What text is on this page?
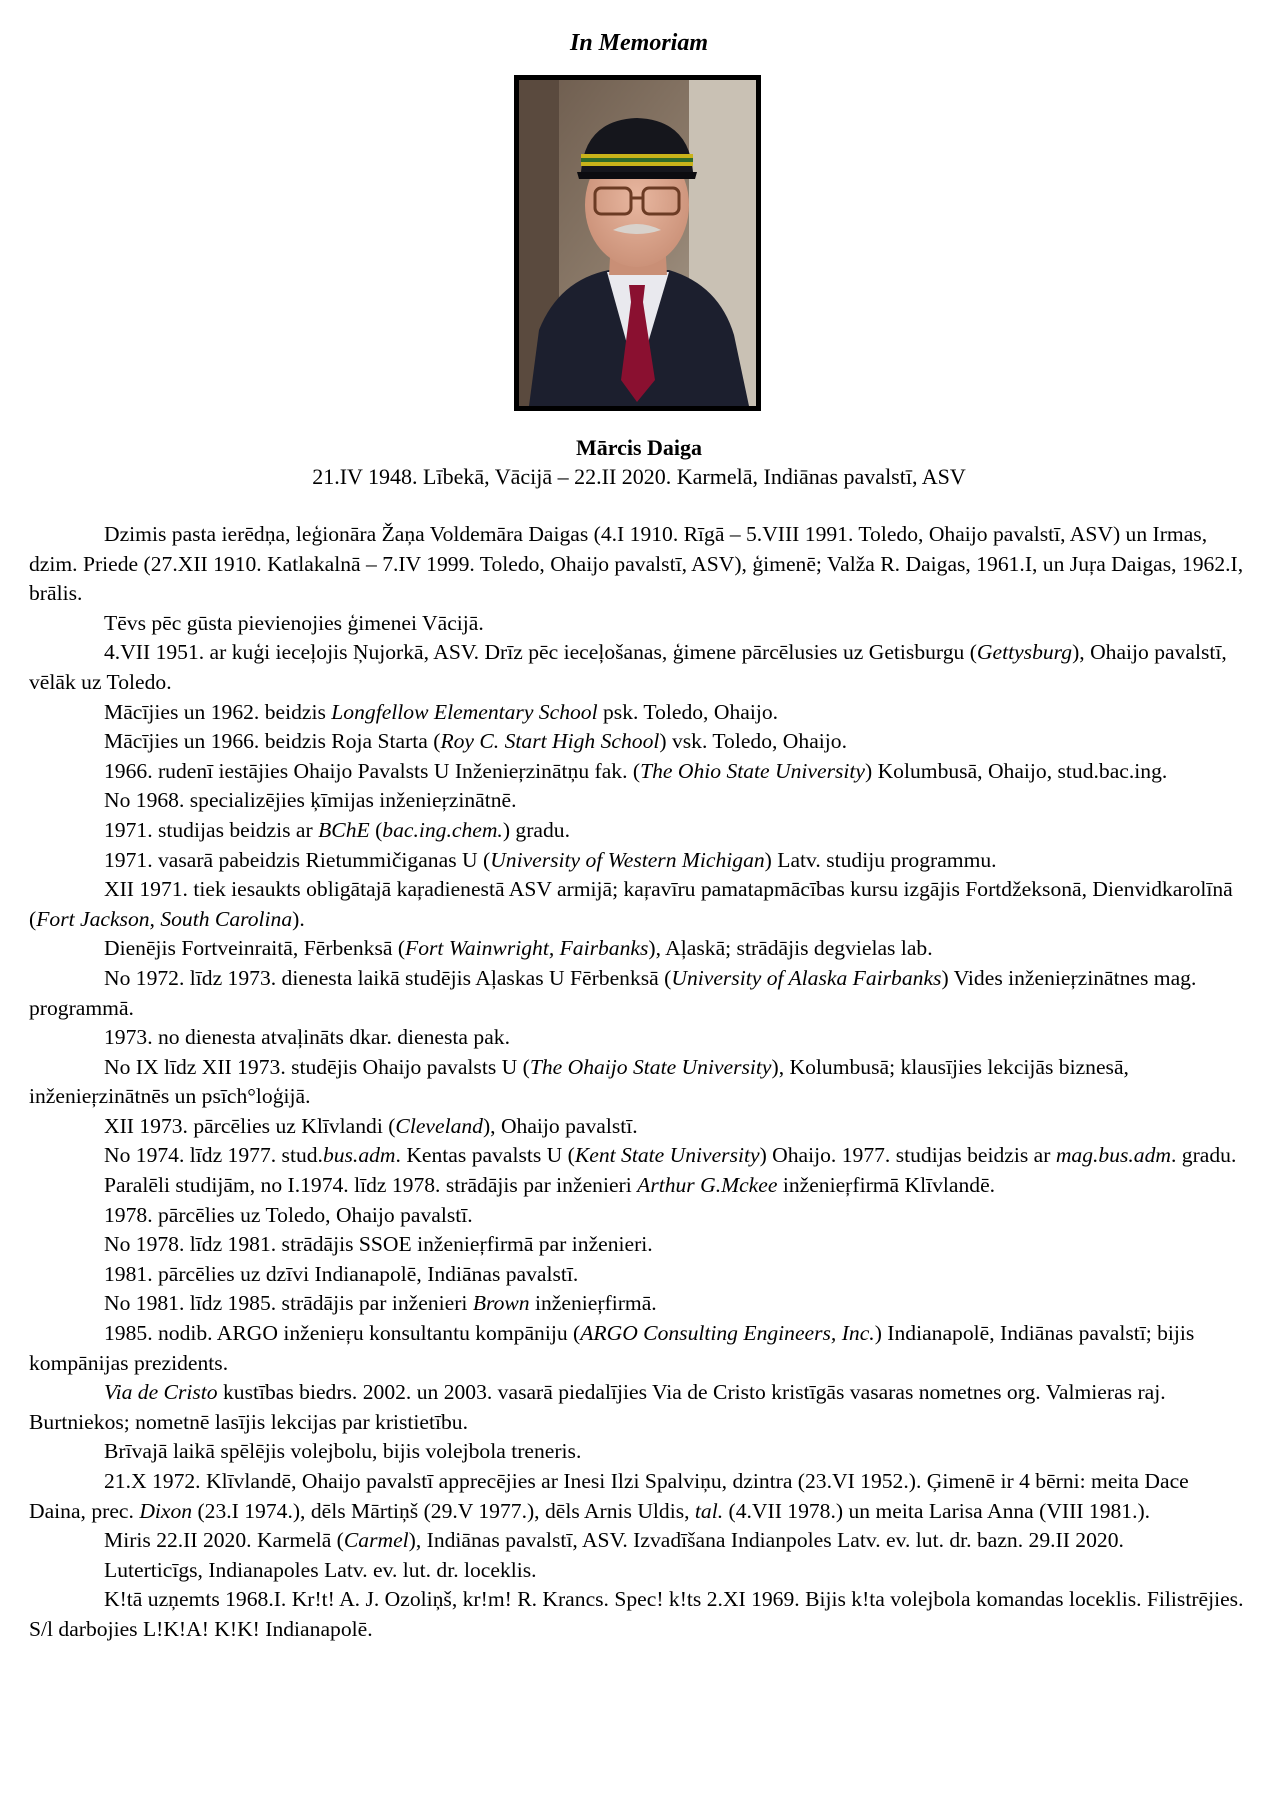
In Memoriam
Mārcis Daiga
21.IV 1948. Lībekā, Vācijā – 22.II 2020. Karmelā, Indiānas pavalstī, ASV

Dzimis pasta ierēdņa, leģionāra Žaņa Voldemāra Daigas (4.I 1910. Rīgā – 5.VIII 1991. Toledo, Ohaijo pavalstī, ASV) un Irmas, dzim. Priede (27.XII 1910. Katlakalnā – 7.IV 1999. Toledo, Ohaijo pavalstī, ASV), ģimenē; Valža R. Daigas, 1961.I, un Juŗa Daigas, 1962.I, brālis.

Tēvs pēc gūsta pievienojies ģimenei Vācijā.

4.VII 1951. ar kuģi ieceļojis Ņujorkā, ASV. Drīz pēc ieceļošanas, ģimene pārcēlusies uz Getisburgu (Gettysburg), Ohaijo pavalstī, vēlāk uz Toledo.

Mācījies un 1962. beidzis Longfellow Elementary School psk. Toledo, Ohaijo.

Mācījies un 1966. beidzis Roja Starta (Roy C. Start High School) vsk. Toledo, Ohaijo.

1966. rudenī iestājies Ohaijo Pavalsts U Inženieŗzinātņu fak. (The Ohio State University) Kolumbusā, Ohaijo, stud.bac.ing.

No 1968. specializējies ķīmijas inženieŗzinātnē.

1971. studijas beidzis ar BChE (bac.ing.chem.) gradu.

1971. vasarā pabeidzis Rietummičiganas U (University of Western Michigan) Latv. studiju programmu.

XII 1971. tiek iesaukts obligātajā kaŗadienestā ASV armijā; kaŗavīru pamatapmācības kursu izgājis Fortdžeksonā, Dienvidkarolīnā (Fort Jackson, South Carolina).

Dienējis Fortveinraitā, Fērbenksā (Fort Wainwright, Fairbanks), Aļaskā; strādājis degvielas lab.

No 1972. līdz 1973. dienesta laikā studējis Aļaskas U Fērbenksā (University of Alaska Fairbanks) Vides inženieŗzinātnes mag. programmā.

1973. no dienesta atvaļināts dkar. dienesta pak.

No IX līdz XII 1973. studējis Ohaijo pavalsts U (The Ohaijo State University), Kolumbusā; klausījies lekcijās biznesā, inženieŗzinātnēs un psīch°loģijā.

XII 1973. pārcēlies uz Klīvlandi (Cleveland), Ohaijo pavalstī.

No 1974. līdz 1977. stud.bus.adm. Kentas pavalsts U (Kent State University) Ohaijo. 1977. studijas beidzis ar mag.bus.adm. gradu.

Paralēli studijām, no I.1974. līdz 1978. strādājis par inženieri Arthur G.Mckee inženieŗfirmā Klīvlandē.

1978. pārcēlies uz Toledo, Ohaijo pavalstī.

No 1978. līdz 1981. strādājis SSOE inženieŗfirmā par inženieri.

1981. pārcēlies uz dzīvi Indianapolē, Indiānas pavalstī.

No 1981. līdz 1985. strādājis par inženieri Brown inženieŗfirmā.

1985. nodib. ARGO inženieŗu konsultantu kompāniju (ARGO Consulting Engineers, Inc.) Indianapolē, Indiānas pavalstī; bijis kompānijas prezidents.

Via de Cristo kustības biedrs. 2002. un 2003. vasarā piedalījies Via de Cristo kristīgās vasaras nometnes org. Valmieras raj. Burtniekos; nometnē lasījis lekcijas par kristietību.

Brīvajā laikā spēlējis volejbolu, bijis volejbola treneris.

21.X 1972. Klīvlandē, Ohaijo pavalstī apprecējies ar Inesi Ilzi Spalviņu, dzintra (23.VI 1952.). Ģimenē ir 4 bērni: meita Dace Daina, prec. Dixon (23.I 1974.), dēls Mārtiņš (29.V 1977.), dēls Arnis Uldis, tal. (4.VII 1978.) un meita Larisa Anna (VIII 1981.).

Miris 22.II 2020. Karmelā (Carmel), Indiānas pavalstī, ASV. Izvadīšana Indianpoles Latv. ev. lut. dr. bazn. 29.II 2020.

Luterticīgs, Indianapoles Latv. ev. lut. dr. loceklis.

K!tā uzņemts 1968.I. Kr!t! A. J. Ozoliņš, kr!m! R. Krancs. Spec! k!ts 2.XI 1969. Bijis k!ta volejbola komandas loceklis. Filistrējies. S/l darbojies L!K!A! K!K! Indianapolē.
